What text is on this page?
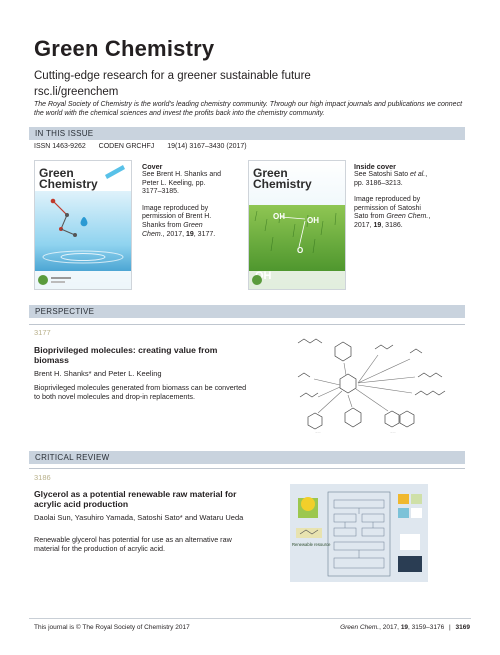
Green Chemistry
Cutting-edge research for a greener sustainable future
rsc.li/greenchem
The Royal Society of Chemistry is the world's leading chemistry community. Through our high impact journals and publications we connect the world with the chemical sciences and invest the profits back into the chemistry community.
IN THIS ISSUE
ISSN 1463-9262 CODEN GRCHFJ 19(14) 3167–3430 (2017)
Green
Chemistry
Cover
See Brent H. Shanks and Peter L. Keeling, pp. 3177–3185.
Image reproduced by permission of Brent H. Shanks from Green Chem., 2017, 19, 3177.
OH	OH
O
Green
Chemistry
Inside cover
See Satoshi Sato et al., pp. 3186–3213.
Image reproduced by permission of Satoshi Sato from Green Chem., 2017, 19, 3186.
PERSPECTIVE
3177
Bioprivileged molecules: creating value from biomass
Brent H. Shanks* and Peter L. Keeling
Bioprivileged molecules generated from biomass can be converted to both novel molecules and drop-in replacements.
........	........
CRITICAL REVIEW
3186
Glycerol as a potential renewable raw material for acrylic acid production
Daolai Sun, Yasuhiro Yamada, Satoshi Sato* and Wataru Ueda
Renewable glycerol has potential for use as an alternative raw material for the production of acrylic acid.	Renewable resource
This journal is © The Royal Society of Chemistry 2017	Green Chem., 2017, 19, 3159–3176 | 3169
